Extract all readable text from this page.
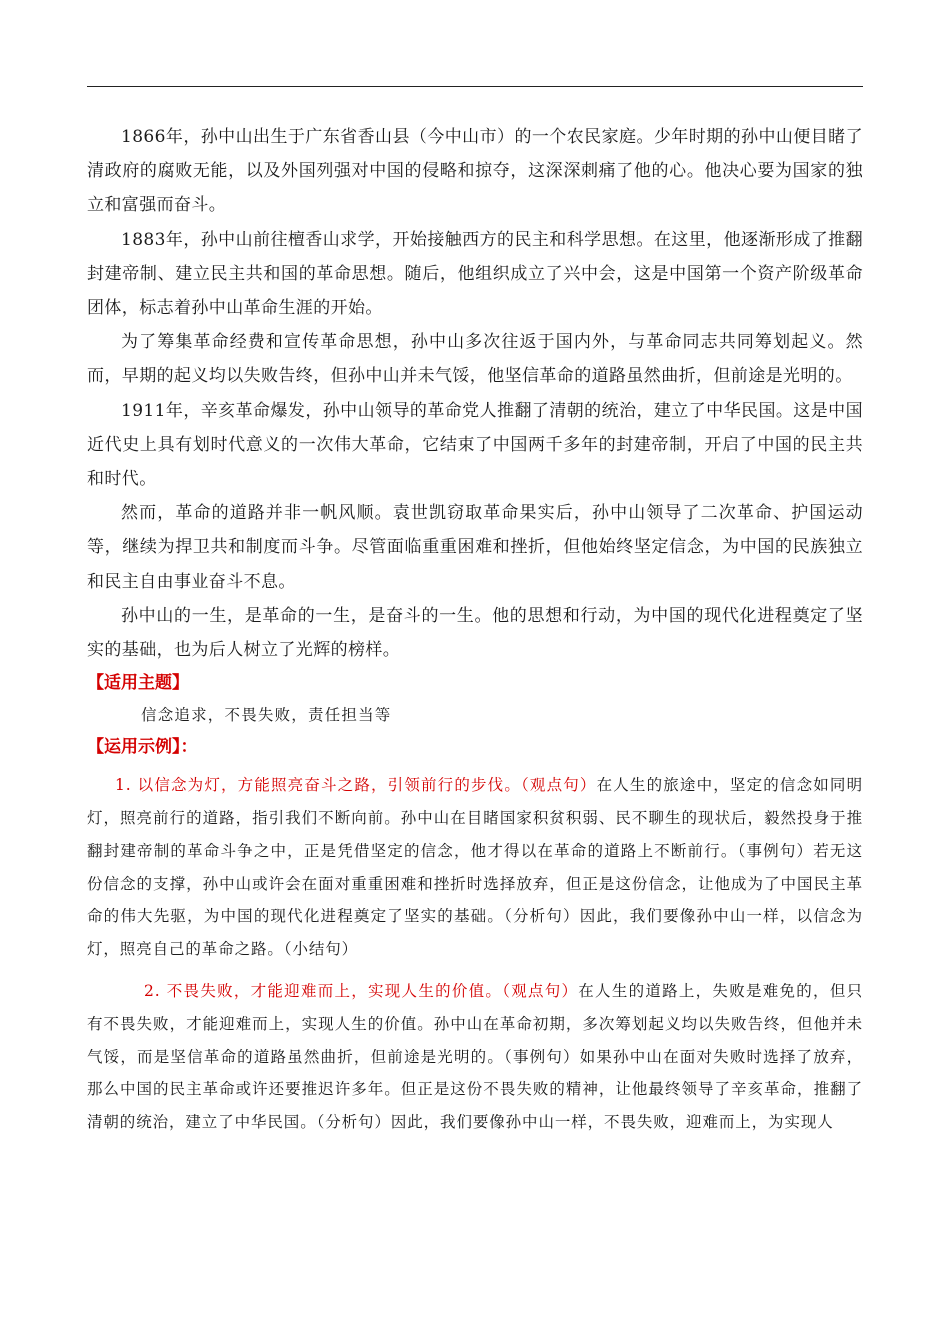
1866年，孙中山出生于广东省香山县（今中山市）的一个农民家庭。少年时期的孙中山便目睹了清政府的腐败无能，以及外国列强对中国的侵略和掠夺，这深深刺痛了他的心。他决心要为国家的独立和富强而奋斗。

1883年，孙中山前往檀香山求学，开始接触西方的民主和科学思想。在这里，他逐渐形成了推翻封建帝制、建立民主共和国的革命思想。随后，他组织成立了兴中会，这是中国第一个资产阶级革命团体，标志着孙中山革命生涯的开始。

为了筹集革命经费和宣传革命思想，孙中山多次往返于国内外，与革命同志共同筹划起义。然而，早期的起义均以失败告终，但孙中山并未气馁，他坚信革命的道路虽然曲折，但前途是光明的。

1911年，辛亥革命爆发，孙中山领导的革命党人推翻了清朝的统治，建立了中华民国。这是中国近代史上具有划时代意义的一次伟大革命，它结束了中国两千多年的封建帝制，开启了中国的民主共和时代。

然而，革命的道路并非一帆风顺。袁世凯窃取革命果实后，孙中山领导了二次革命、护国运动等，继续为捍卫共和制度而斗争。尽管面临重重困难和挫折，但他始终坚定信念，为中国的民族独立和民主自由事业奋斗不息。

孙中山的一生，是革命的一生，是奋斗的一生。他的思想和行动，为中国的现代化进程奠定了坚实的基础，也为后人树立了光辉的榜样。

【适用主题】

信念追求，不畏失败，责任担当等

【运用示例】：

1. 以信念为灯，方能照亮奋斗之路，引领前行的步伐。（观点句）在人生的旅途中，坚定的信念如同明灯，照亮前行的道路，指引我们不断向前。孙中山在目睹国家积贫积弱、民不聊生的现状后，毅然投身于推翻封建帝制的革命斗争之中，正是凭借坚定的信念，他才得以在革命的道路上不断前行。（事例句）若无这份信念的支撑，孙中山或许会在面对重重困难和挫折时选择放弃，但正是这份信念，让他成为了中国民主革命的伟大先驱，为中国的现代化进程奠定了坚实的基础。（分析句）因此，我们要像孙中山一样，以信念为灯，照亮自己的革命之路。（小结句）

2. 不畏失败，才能迎难而上，实现人生的价值。（观点句）在人生的道路上，失败是难免的，但只有不畏失败，才能迎难而上，实现人生的价值。孙中山在革命初期，多次筹划起义均以失败告终，但他并未气馁，而是坚信革命的道路虽然曲折，但前途是光明的。（事例句）如果孙中山在面对失败时选择了放弃，那么中国的民主革命或许还要推迟许多年。但正是这份不畏失败的精神，让他最终领导了辛亥革命，推翻了清朝的统治，建立了中华民国。（分析句）因此，我们要像孙中山一样，不畏失败，迎难而上，为实现人
